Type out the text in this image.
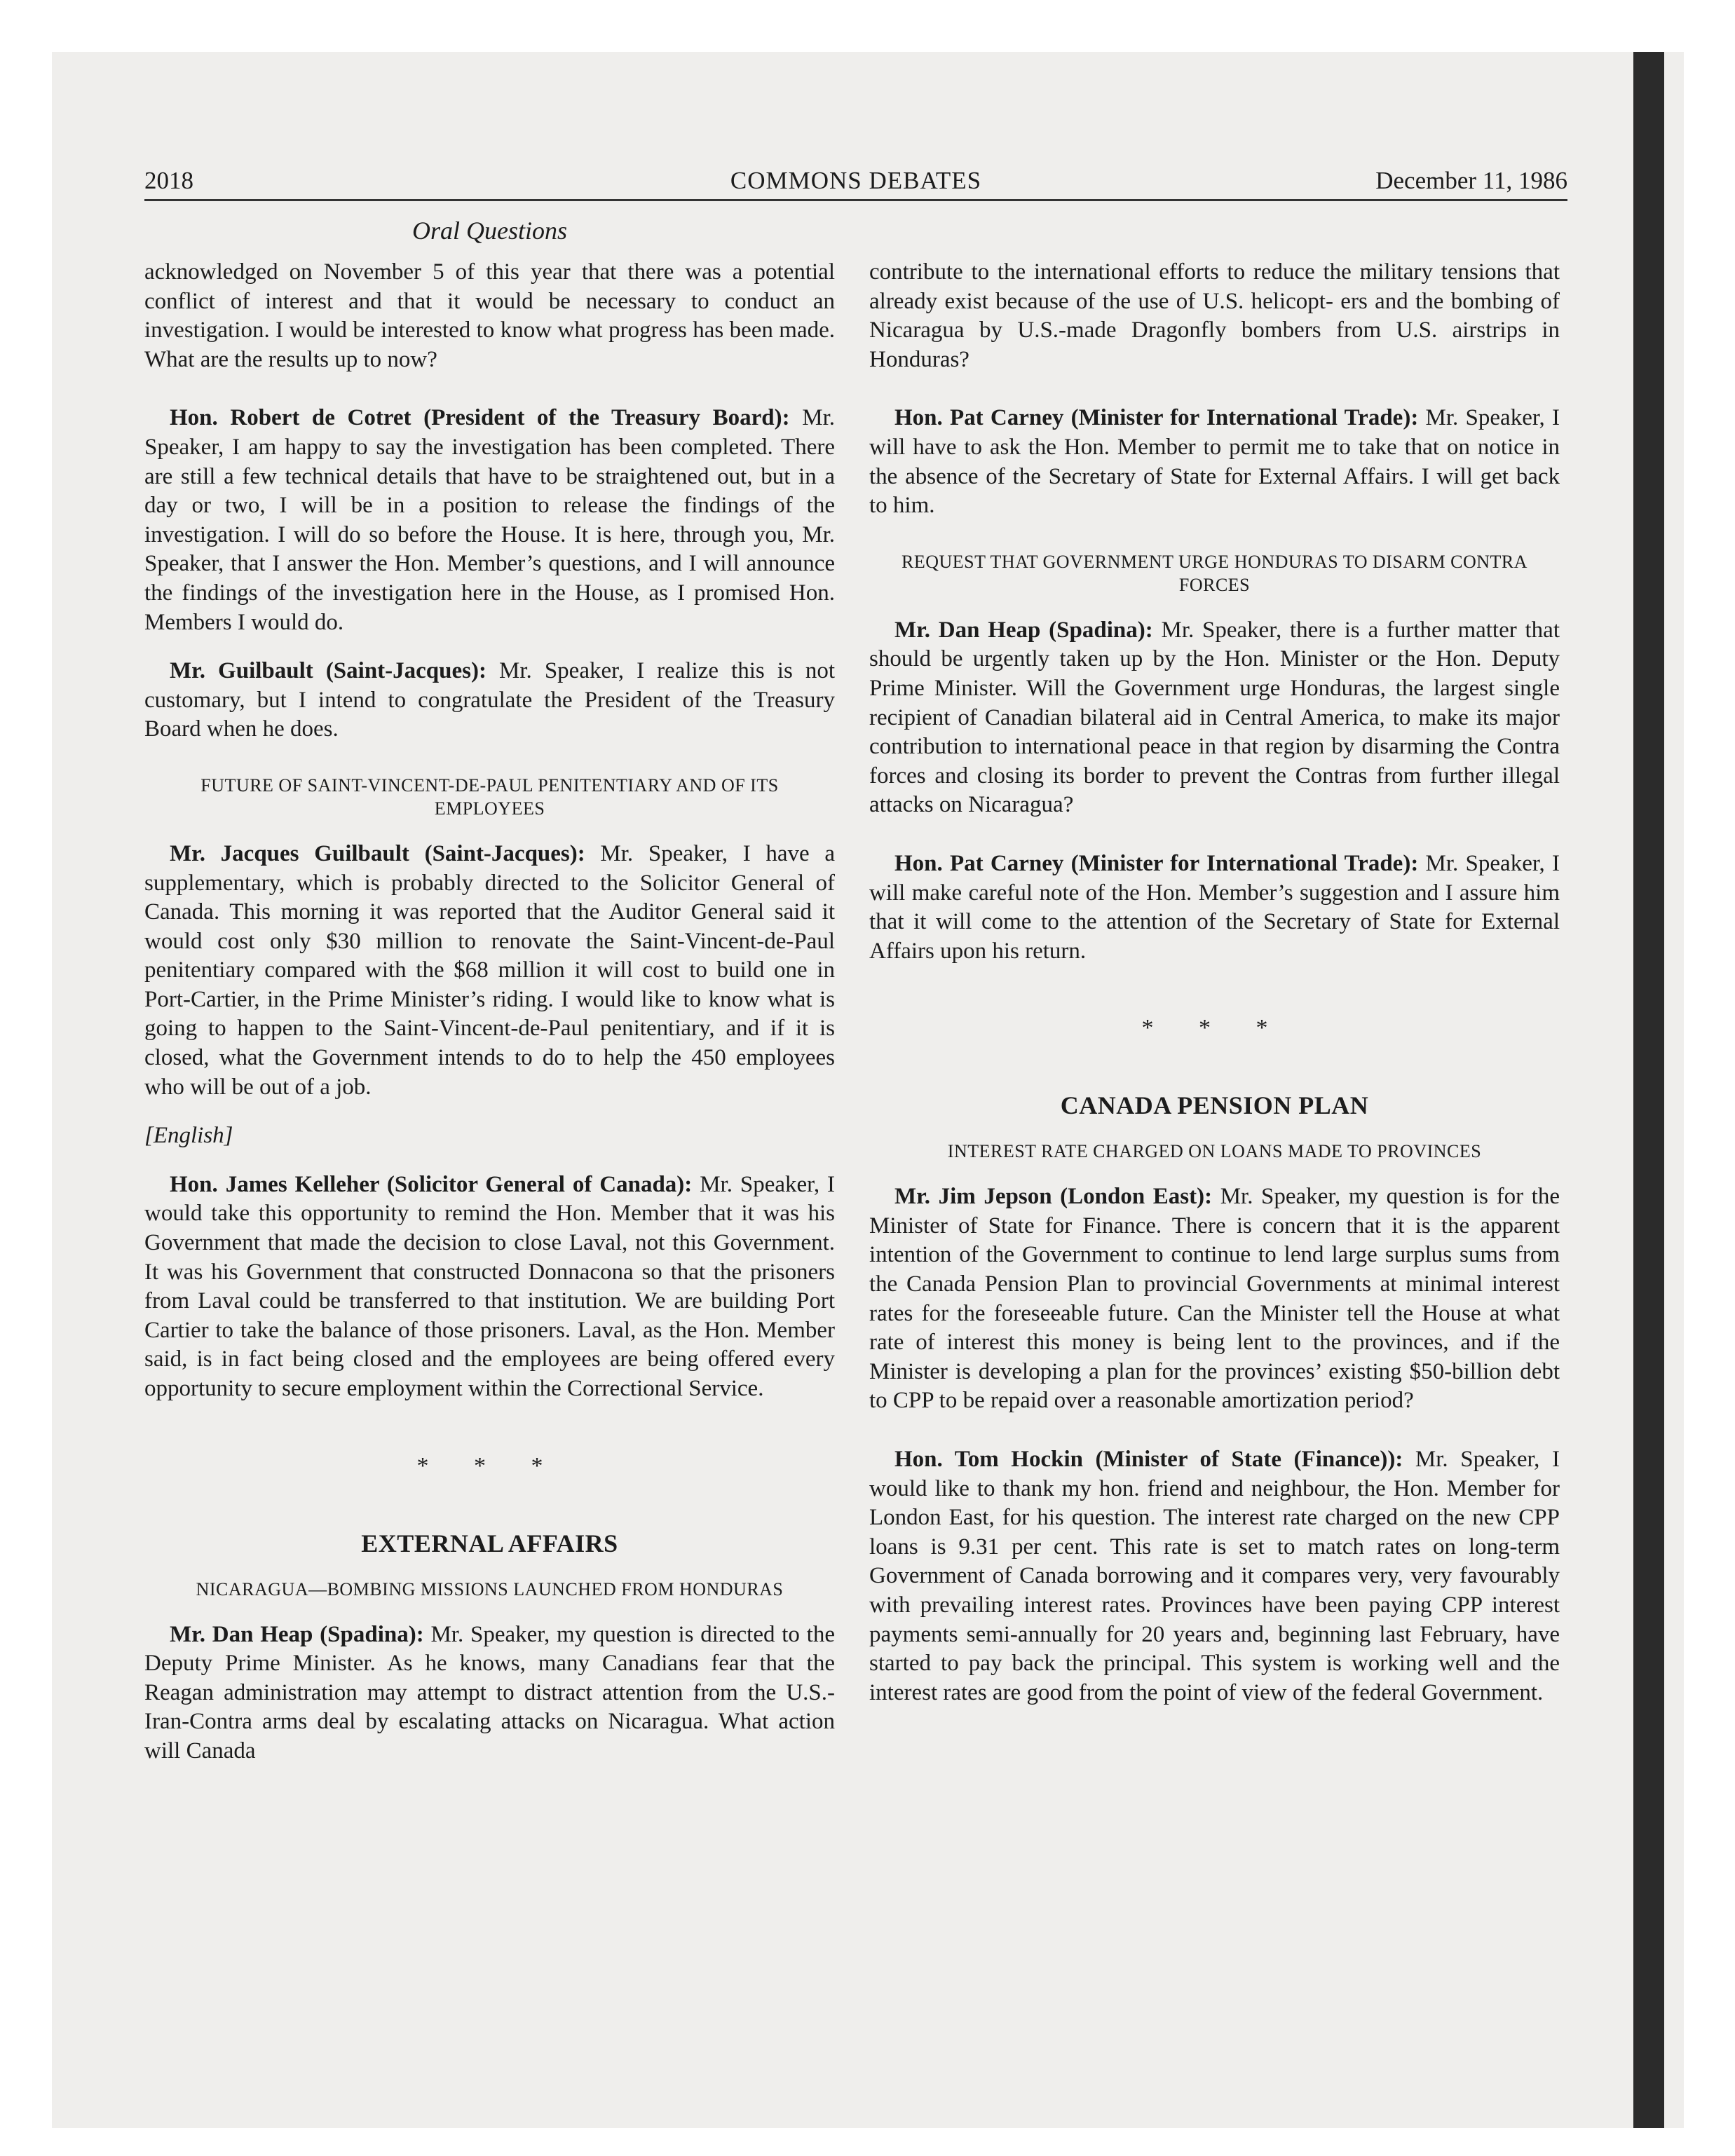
2018	COMMONS DEBATES	December 11, 1986
Oral Questions

acknowledged on November 5 of this year that there was a potential conflict of interest and that it would be necessary to conduct an investigation. I would be interested to know what progress has been made. What are the results up to now?

Hon. Robert de Cotret (President of the Treasury Board): Mr. Speaker, I am happy to say the investigation has been completed. There are still a few technical details that have to be straightened out, but in a day or two, I will be in a position to release the findings of the investigation. I will do so before the House. It is here, through you, Mr. Speaker, that I answer the Hon. Member’s questions, and I will announce the findings of the investigation here in the House, as I promised Hon. Members I would do.

Mr. Guilbault (Saint-Jacques): Mr. Speaker, I realize this is not customary, but I intend to congratulate the President of the Treasury Board when he does.

FUTURE OF SAINT-VINCENT-DE-PAUL PENITENTIARY AND OF ITS EMPLOYEES

Mr. Jacques Guilbault (Saint-Jacques): Mr. Speaker, I have a supplementary, which is probably directed to the Solicitor General of Canada. This morning it was reported that the Auditor General said it would cost only $30 million to renovate the Saint-Vincent-de-Paul penitentiary compared with the $68 million it will cost to build one in Port-Cartier, in the Prime Minister’s riding. I would like to know what is going to happen to the Saint-Vincent-de-Paul penitentiary, and if it is closed, what the Government intends to do to help the 450 employees who will be out of a job.

[English]

Hon. James Kelleher (Solicitor General of Canada): Mr. Speaker, I would take this opportunity to remind the Hon. Member that it was his Government that made the decision to close Laval, not this Government. It was his Government that constructed Donnacona so that the prisoners from Laval could be transferred to that institution. We are building Port Cartier to take the balance of those prisoners. Laval, as the Hon. Member said, is in fact being closed and the employees are being offered every opportunity to secure employment within the Correctional Service.

* * *
EXTERNAL AFFAIRS
NICARAGUA—BOMBING MISSIONS LAUNCHED FROM HONDURAS

Mr. Dan Heap (Spadina): Mr. Speaker, my question is directed to the Deputy Prime Minister. As he knows, many Canadians fear that the Reagan administration may attempt to distract attention from the U.S.-Iran-Contra arms deal by escalating attacks on Nicaragua. What action will Canada

contribute to the international efforts to reduce the military tensions that already exist because of the use of U.S. helicopt- ers and the bombing of Nicaragua by U.S.-made Dragonfly bombers from U.S. airstrips in Honduras?

Hon. Pat Carney (Minister for International Trade): Mr. Speaker, I will have to ask the Hon. Member to permit me to take that on notice in the absence of the Secretary of State for External Affairs. I will get back to him.

REQUEST THAT GOVERNMENT URGE HONDURAS TO DISARM CONTRA FORCES

Mr. Dan Heap (Spadina): Mr. Speaker, there is a further matter that should be urgently taken up by the Hon. Minister or the Hon. Deputy Prime Minister. Will the Government urge Honduras, the largest single recipient of Canadian bilateral aid in Central America, to make its major contribution to international peace in that region by disarming the Contra forces and closing its border to prevent the Contras from further illegal attacks on Nicaragua?

Hon. Pat Carney (Minister for International Trade): Mr. Speaker, I will make careful note of the Hon. Member’s suggestion and I assure him that it will come to the attention of the Secretary of State for External Affairs upon his return.

* * *
CANADA PENSION PLAN
INTEREST RATE CHARGED ON LOANS MADE TO PROVINCES

Mr. Jim Jepson (London East): Mr. Speaker, my question is for the Minister of State for Finance. There is concern that it is the apparent intention of the Government to continue to lend large surplus sums from the Canada Pension Plan to provincial Governments at minimal interest rates for the foreseeable future. Can the Minister tell the House at what rate of interest this money is being lent to the provinces, and if the Minister is developing a plan for the provinces’ existing $50-billion debt to CPP to be repaid over a reasonable amortization period?

Hon. Tom Hockin (Minister of State (Finance)): Mr. Speaker, I would like to thank my hon. friend and neighbour, the Hon. Member for London East, for his question. The interest rate charged on the new CPP loans is 9.31 per cent. This rate is set to match rates on long-term Government of Canada borrowing and it compares very, very favourably with prevailing interest rates. Provinces have been paying CPP interest payments semi-annually for 20 years and, beginning last February, have started to pay back the principal. This system is working well and the interest rates are good from the point of view of the federal Government.
